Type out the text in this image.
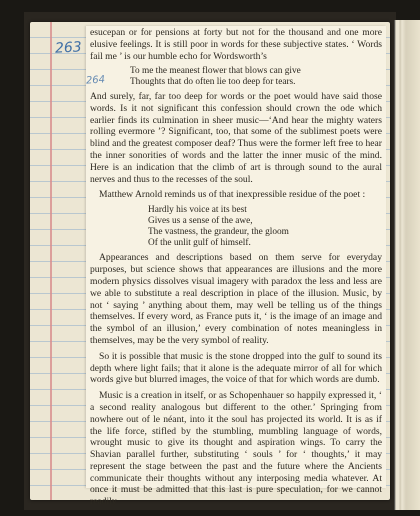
263
264

esucepan or for pensions at forty but not for the thousand and one more elusive feelings. It is still poor in words for these subjective states. ‘ Words fail me ’ is our humble echo for Wordsworth’s

To me the meanest flower that blows can give
Thoughts that do often lie too deep for tears.

And surely, far, far too deep for words or the poet would have said those words. Is it not significant this confession should crown the ode which earlier finds its culmination in sheer music—‘And hear the mighty waters rolling evermore ’? Significant, too, that some of the sublimest poets were blind and the greatest composer deaf? Thus were the former left free to hear the inner sonorities of words and the latter the inner music of the mind. Here is an indication that the climb of art is through sound to the aural nerves and thus to the recesses of the soul.

Matthew Arnold reminds us of that inexpressible residue of the poet :

Hardly his voice at its best
Gives us a sense of the awe,
The vastness, the grandeur, the gloom
Of the unlit gulf of himself.

Appearances and descriptions based on them serve for everyday purposes, but science shows that appearances are illusions and the more modern physics dissolves visual imagery with paradox the less and less are we able to substitute a real description in place of the illusion. Music, by not ‘ saying ’ anything about them, may well be telling us of the things themselves. If every word, as France puts it, ‘ is the image of an image and the symbol of an illusion,’ every combination of notes meaningless in themselves, may be the very symbol of reality.

So it is possible that music is the stone dropped into the gulf to sound its depth where light fails; that it alone is the adequate mirror of all for which words give but blurred images, the voice of that for which words are dumb.

Music is a creation in itself, or as Schopenhauer so happily expressed it, ‘ a second reality analogous but different to the other.’ Springing from nowhere out of le néant, into it the soul has projected its world. It is as if the life force, stifled by the stumbling, mumbling language of words, wrought music to give its thought and aspiration wings. To carry the Shavian parallel further, substituting ‘ souls ’ for ‘ thoughts,’ it may represent the stage between the past and the future where the Ancients communicate their thoughts without any interposing media whatever. At once it must be admitted that this last is pure speculation, for we cannot readily
